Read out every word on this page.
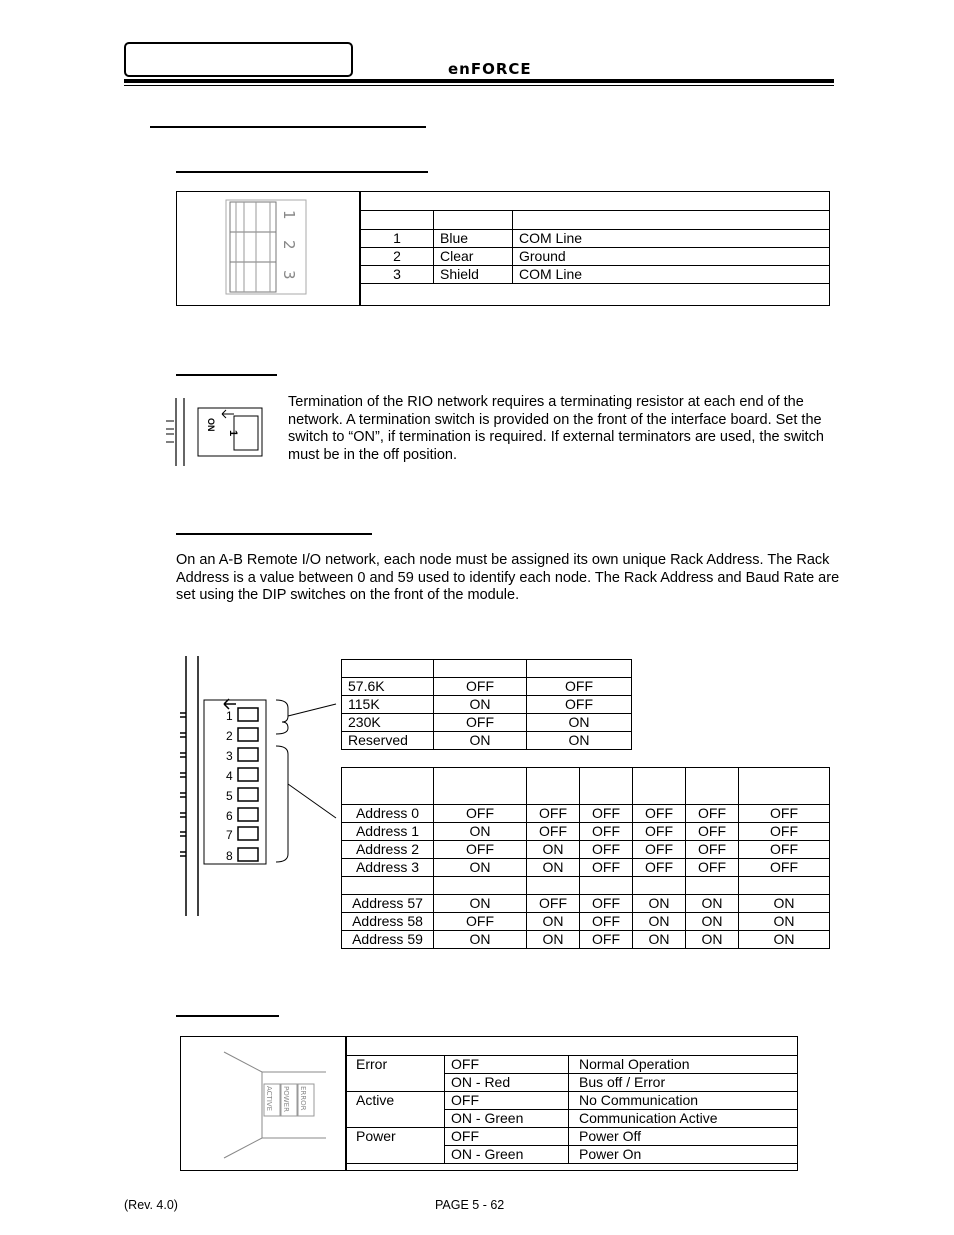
enFORCE
1
2
3

1	Blue	COM Line
2	Clear	Ground
3	Shield	COM Line
ON
1
Termination of the RIO network requires a terminating resistor at each end of the network. A termination switch is provided on the front of the interface board. Set the switch to “ON”, if termination is required. If external terminators are used, the switch must be in the off position.
On an A-B Remote I/O network, each node must be assigned its own unique Rack Address. The Rack Address is a value between 0 and 59 used to identify each node. The Rack Address and Baud Rate are set using the DIP switches on the front of the module.
1
2
3
4
5
6
7
8

57.6K	OFF	OFF
115K	ON	OFF
230K	OFF	ON
Reserved	ON	ON

Address 0	OFF	OFF	OFF	OFF	OFF	OFF
Address 1	ON	OFF	OFF	OFF	OFF	OFF
Address 2	OFF	ON	OFF	OFF	OFF	OFF
Address 3	ON	ON	OFF	OFF	OFF	OFF

Address 57	ON	OFF	OFF	ON	ON	ON
Address 58	OFF	ON	OFF	ON	ON	ON
Address 59	ON	ON	OFF	ON	ON	ON
ACTIVE POWER ERROR
Error	OFF	Normal Operation
	ON - Red	Bus off / Error
Active	OFF	No Communication
	ON - Green	Communication Active
Power	OFF	Power Off
	ON - Green	Power On
(Rev. 4.0)	PAGE 5 - 62
